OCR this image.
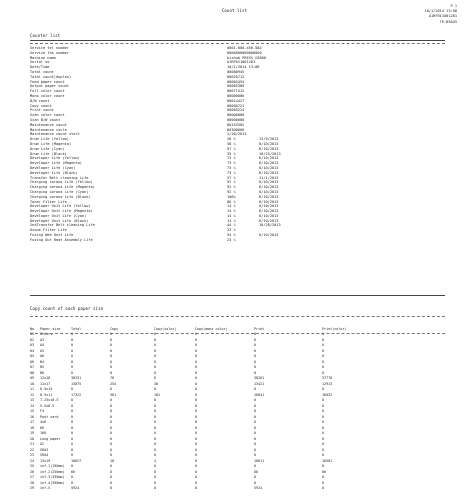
Count list
P.1
10/1/2014 13:08
A1RF011001281
TE:85045
Counter list
Service tel number	0001-000-456-584
Service fax number	0006000000000000
Machine name	bizhub PRESS C8000
Serial no	A1RF011001281
Date/Time	10/1/2014 13:08
Total count	00088945
Total count(duplex)	00020712
Feed paper count	00065454
Output paper count	00065389
Full color count	00071512
Mono color count	00000006
B/W count	00014427
Copy count	00060721
Print count	00085224
Scan color count	00000000
Scan B/W count	00000000
Maintenance count	00154502
Maintenance cycle	00300000
Maintenance count start	2/28/2013
Drum Life (Yellow)	26 %	12/9/2013
Drum Life (Magenta)	58 %	6/10/2013
Drum Life (Cyan)	57 %	6/10/2013
Drum Life (Black)	35 %	10/25/2013
Developer Life (Yellow)	73 %	6/10/2013
Developer Life (Magenta)	73 %	6/10/2013
Developer Life (Cyan)	73 %	6/10/2013
Developer Life (Black)	73 %	6/10/2013
Transfer Belt cleaning Life	57 %	11/1/2013
Charging corona Life (Yellow)	92 %	6/10/2013
Charging corona Life (Magenta)	92 %	6/10/2013
Charging corona Life (Cyan)	92 %	6/10/2013
Charging corona Life (Black)	100%	6/10/2013
Toner Filter Life	86 %	6/10/2013
Developer Unit Life (Yellow)	14 %	6/10/2013
Developer Unit Life (Magenta)	14 %	6/10/2013
Developer Unit Life (Cyan)	14 %	6/10/2013
Developer Unit Life (Black)	14 %	6/10/2013
2ndTransfer Belt cleaning Life	44 %	10/28/2013
Ozone Filter Life	23 %
Fusing Web Unit Life	54 %	6/10/2013
Fusing Out Heat Assembly Life	23 %
Copy count of each paper size
No Paper size	Total	Copy	Copy(color)	Copy(mono color)	Print	Print(color)
01 Others	0	0	0	0	0	0
02 A3	0	0	0	0	0	0
03 A4	0	0	0	0	0	0
04 A5	0	0	0	0	0	0
05 A6	0	0	0	0	0	0
06 B4	0	0	0	0	0	0
07 B5	0	0	0	0	0	0
08 B6	0	0	0	0	0	0
09 12x18	38331	76	8	0	38261	37778
10 11x17	13875	254	30	0	13421	12913
11 8.5x14	0	0	0	0	0	0
12 8.5x11	17322	381	102	0	16841	16032
13 7.25x10.5	0	0	0	0	0	0
14 5.5x8.5	0	0	0	0	0	0
15 F4	0	0	0	0	0	0
16 Post card	0	0	0	0	0	0
17 4x6	0	0	0	0	0	0
18 8K	0	0	0	0	0	0
19 16K	0	0	0	0	0	0
20 Long paper	0	0	0	0	0	0
21 A2	0	0	0	0	0	0
22 SRA3	0	0	0	0	0	0
23 SRA4	0	0	0	0	0	0
24 13x19	10627	10	4	0	10611	10581
25 inf.1(190mm) 0	0	0	0	0	0
26 inf.2(250mm) 66	0	0	0	66	66
27 inf.3(330mm) 0	0	0	0	0	0
28 inf.4(390mm) 0	0	0	0	0	0
29 inf.5	5924	0	0	0	5924	0
